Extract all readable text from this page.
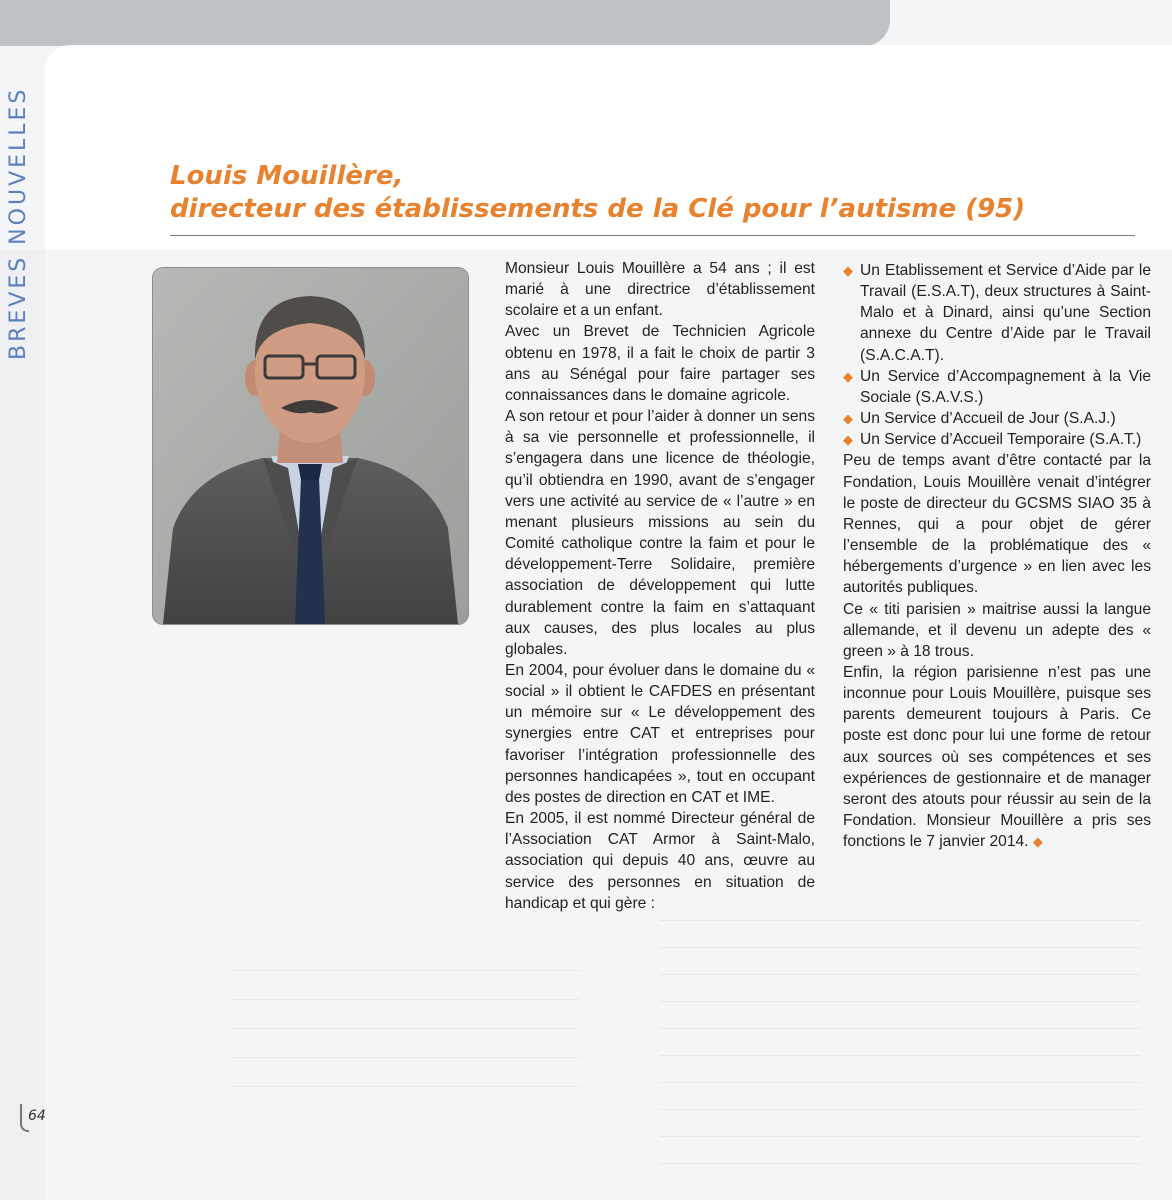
BREVES NOUVELLES	Louis Mouillère,
directeur des établissements de la Clé pour l’autisme (95)

Monsieur Louis Mouillère a 54 ans ; il est marié à une directrice d’établissement scolaire et a un enfant.

Avec un Brevet de Technicien Agricole obtenu en 1978, il a fait le choix de partir 3 ans au Sénégal pour faire partager ses connaissances dans le domaine agricole.

A son retour et pour l’aider à donner un sens à sa vie personnelle et professionnelle, il s’engagera dans une licence de théologie, qu’il obtiendra en 1990, avant de s’engager vers une activité au service de « l’autre » en menant plusieurs missions au sein du Comité catholique contre la faim et pour le développement-Terre Solidaire, première association de développement qui lutte durablement contre la faim en s’attaquant aux causes, des plus locales au plus globales.

En 2004, pour évoluer dans le domaine du « social » il obtient le CAFDES en présentant un mémoire sur « Le développement des synergies entre CAT et entreprises pour favoriser l’intégration professionnelle des personnes handicapées », tout en occupant des postes de direction en CAT et IME.

En 2005, il est nommé Directeur général de l’Association CAT Armor à Saint-Malo, association qui depuis 40 ans, œuvre au service des personnes en situation de handicap et qui gère :

◆ Un Etablissement et Service d’Aide par le Travail (E.S.A.T), deux structures à Saint-Malo et à Dinard, ainsi qu’une Section annexe du Centre d’Aide par le Travail (S.A.C.A.T).

◆ Un Service d’Accompagnement à la Vie Sociale (S.A.V.S.)

◆ Un Service d’Accueil de Jour (S.A.J.)

◆ Un Service d’Accueil Temporaire (S.A.T.)

Peu de temps avant d’être contacté par la Fondation, Louis Mouillère venait d’intégrer le poste de directeur du GCSMS SIAO 35 à Rennes, qui a pour objet de gérer l’ensemble de la problématique des « hébergements d’urgence » en lien avec les autorités publiques.

Ce « titi parisien » maitrise aussi la langue allemande, et il devenu un adepte des « green » à 18 trous.

Enfin, la région parisienne n’est pas une inconnue pour Louis Mouillère, puisque ses parents demeurent toujours à Paris. Ce poste est donc pour lui une forme de retour aux sources où ses compétences et ses expériences de gestionnaire et de manager seront des atouts pour réussir au sein de la Fondation. Monsieur Mouillère a pris ses fonctions le 7 janvier 2014. ◆

64
